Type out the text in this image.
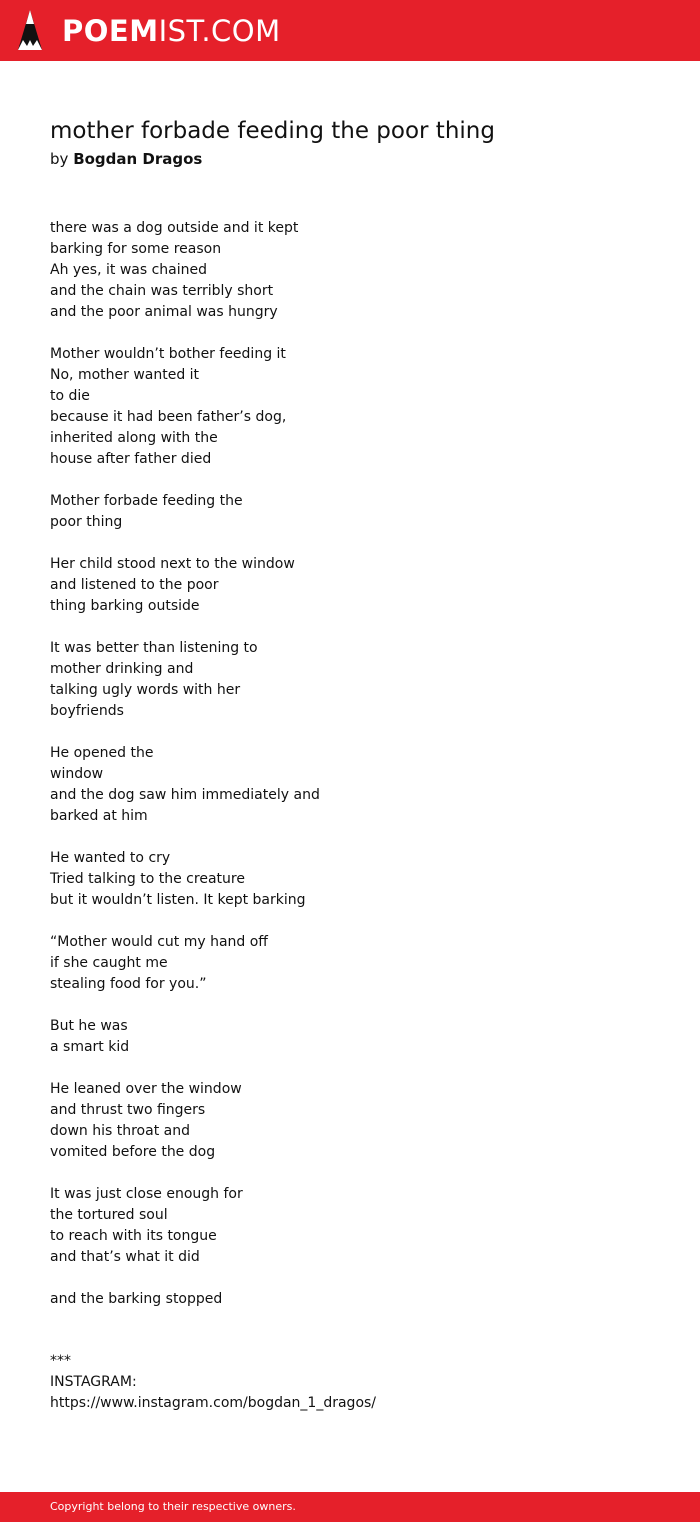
POEMIST.COM
mother forbade feeding the poor thing
by Bogdan Dragos
there was a dog outside and it kept
barking for some reason
Ah yes, it was chained
and the chain was terribly short
and the poor animal was hungry
Mother wouldn’t bother feeding it
No, mother wanted it
to die
because it had been father’s dog,
inherited along with the
house after father died
Mother forbade feeding the
poor thing
Her child stood next to the window
and listened to the poor
thing barking outside
It was better than listening to
mother drinking and
talking ugly words with her
boyfriends
He opened the
window
and the dog saw him immediately and
barked at him
He wanted to cry
Tried talking to the creature
but it wouldn’t listen. It kept barking
“Mother would cut my hand off
if she caught me
stealing food for you.”
But he was
a smart kid
He leaned over the window
and thrust two fingers
down his throat and
vomited before the dog
It was just close enough for
the tortured soul
to reach with its tongue
and that’s what it did
and the barking stopped
***
INSTAGRAM:
https://www.instagram.com/bogdan_1_dragos/
Copyright belong to their respective owners.
